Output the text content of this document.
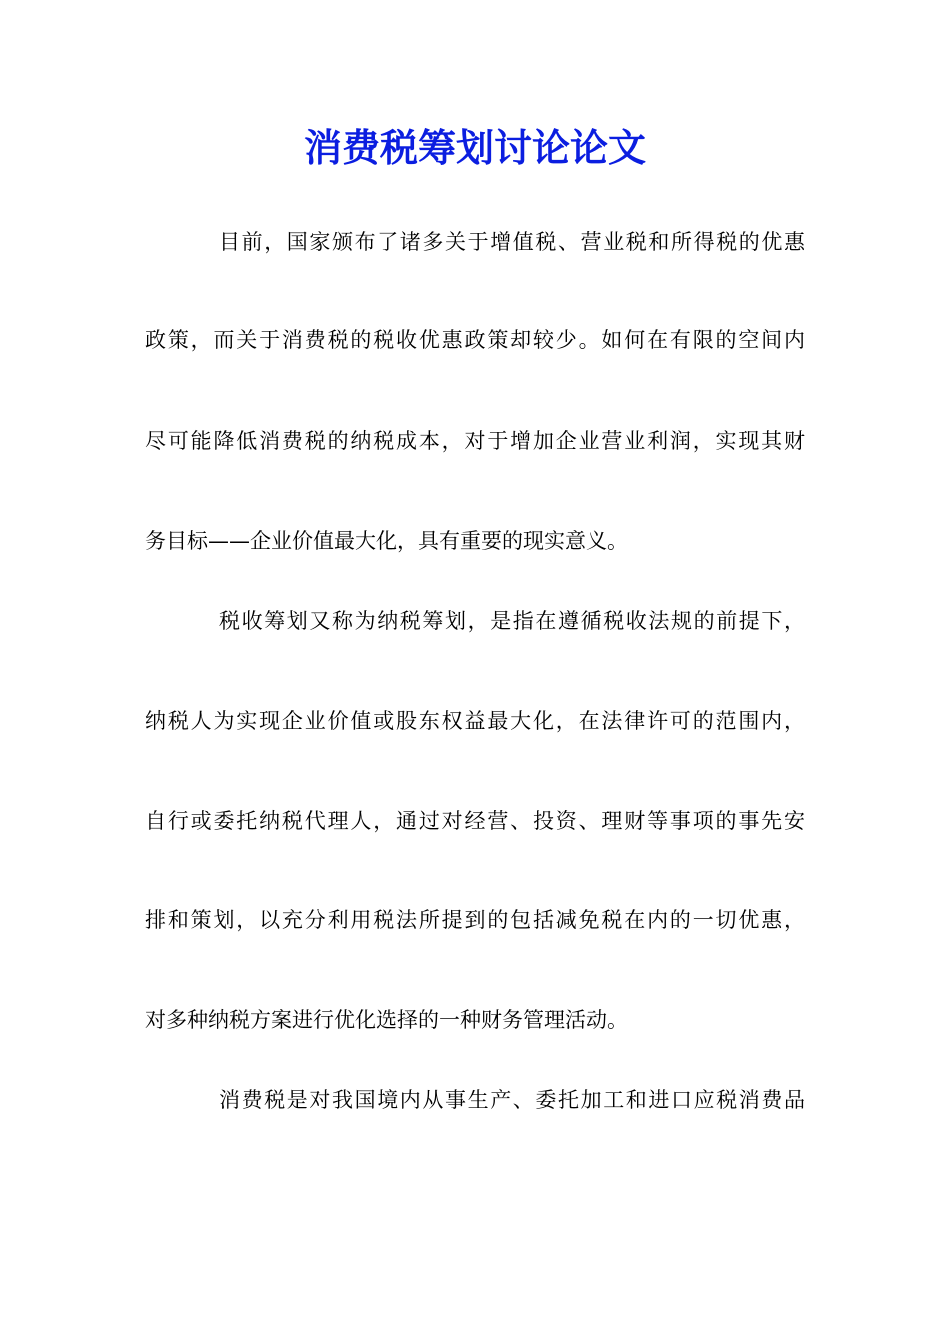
消费税筹划讨论论文
目前，国家颁布了诸多关于增值税、营业税和所得税的优惠
政策，而关于消费税的税收优惠政策却较少。如何在有限的空间内
尽可能降低消费税的纳税成本，对于增加企业营业利润，实现其财
务目标——企业价值最大化，具有重要的现实意义。
税收筹划又称为纳税筹划，是指在遵循税收法规的前提下，
纳税人为实现企业价值或股东权益最大化，在法律许可的范围内，
自行或委托纳税代理人，通过对经营、投资、理财等事项的事先安
排和策划，以充分利用税法所提到的包括减免税在内的一切优惠，
对多种纳税方案进行优化选择的一种财务管理活动。
消费税是对我国境内从事生产、委托加工和进口应税消费品
